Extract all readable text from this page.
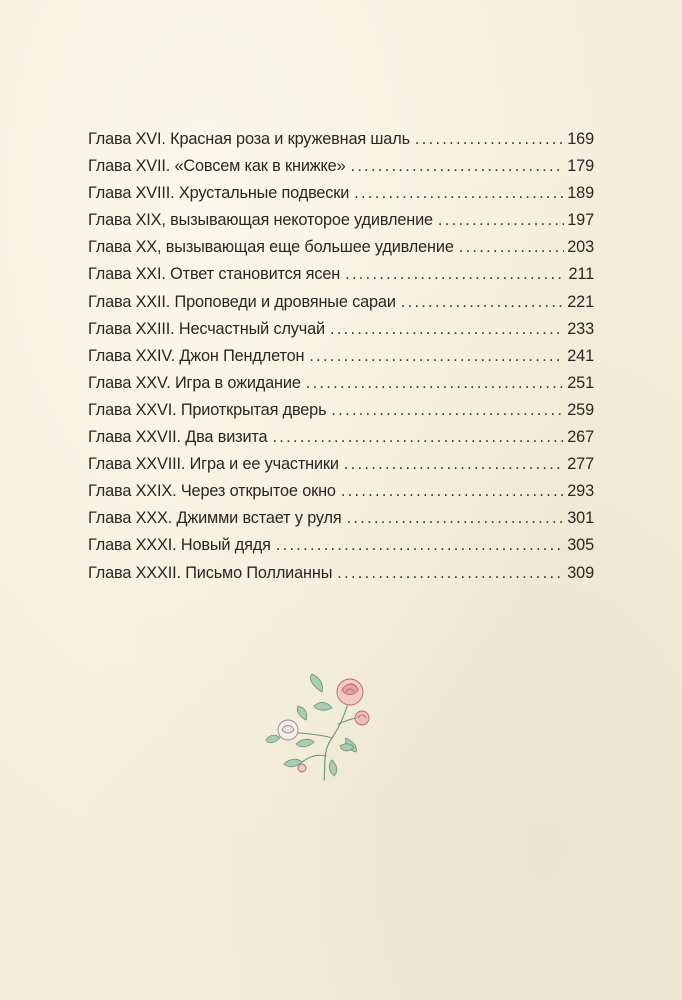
Глава XVI. Красная роза и кружевная шаль . . .	169
Глава XVII. «Совсем как в книжке» . . .	179
Глава XVIII. Хрустальные подвески . . .	189
Глава XIX, вызывающая некоторое удивление . . .	197
Глава XX, вызывающая еще большее удивление . . .	203
Глава XXI. Ответ становится ясен . . .	211
Глава XXII. Проповеди и дровяные сараи . . .	221
Глава XXIII. Несчастный случай . . .	233
Глава XXIV. Джон Пендлетон . . .	241
Глава XXV. Игра в ожидание . . .	251
Глава XXVI. Приоткрытая дверь . . .	259
Глава XXVII. Два визита . . .	267
Глава XXVIII. Игра и ее участники . . .	277
Глава XXIX. Через открытое окно . . .	293
Глава XXX. Джимми встает у руля . . .	301
Глава XXXI. Новый дядя . . .	305
Глава XXXII. Письмо Поллианны . . .	309
